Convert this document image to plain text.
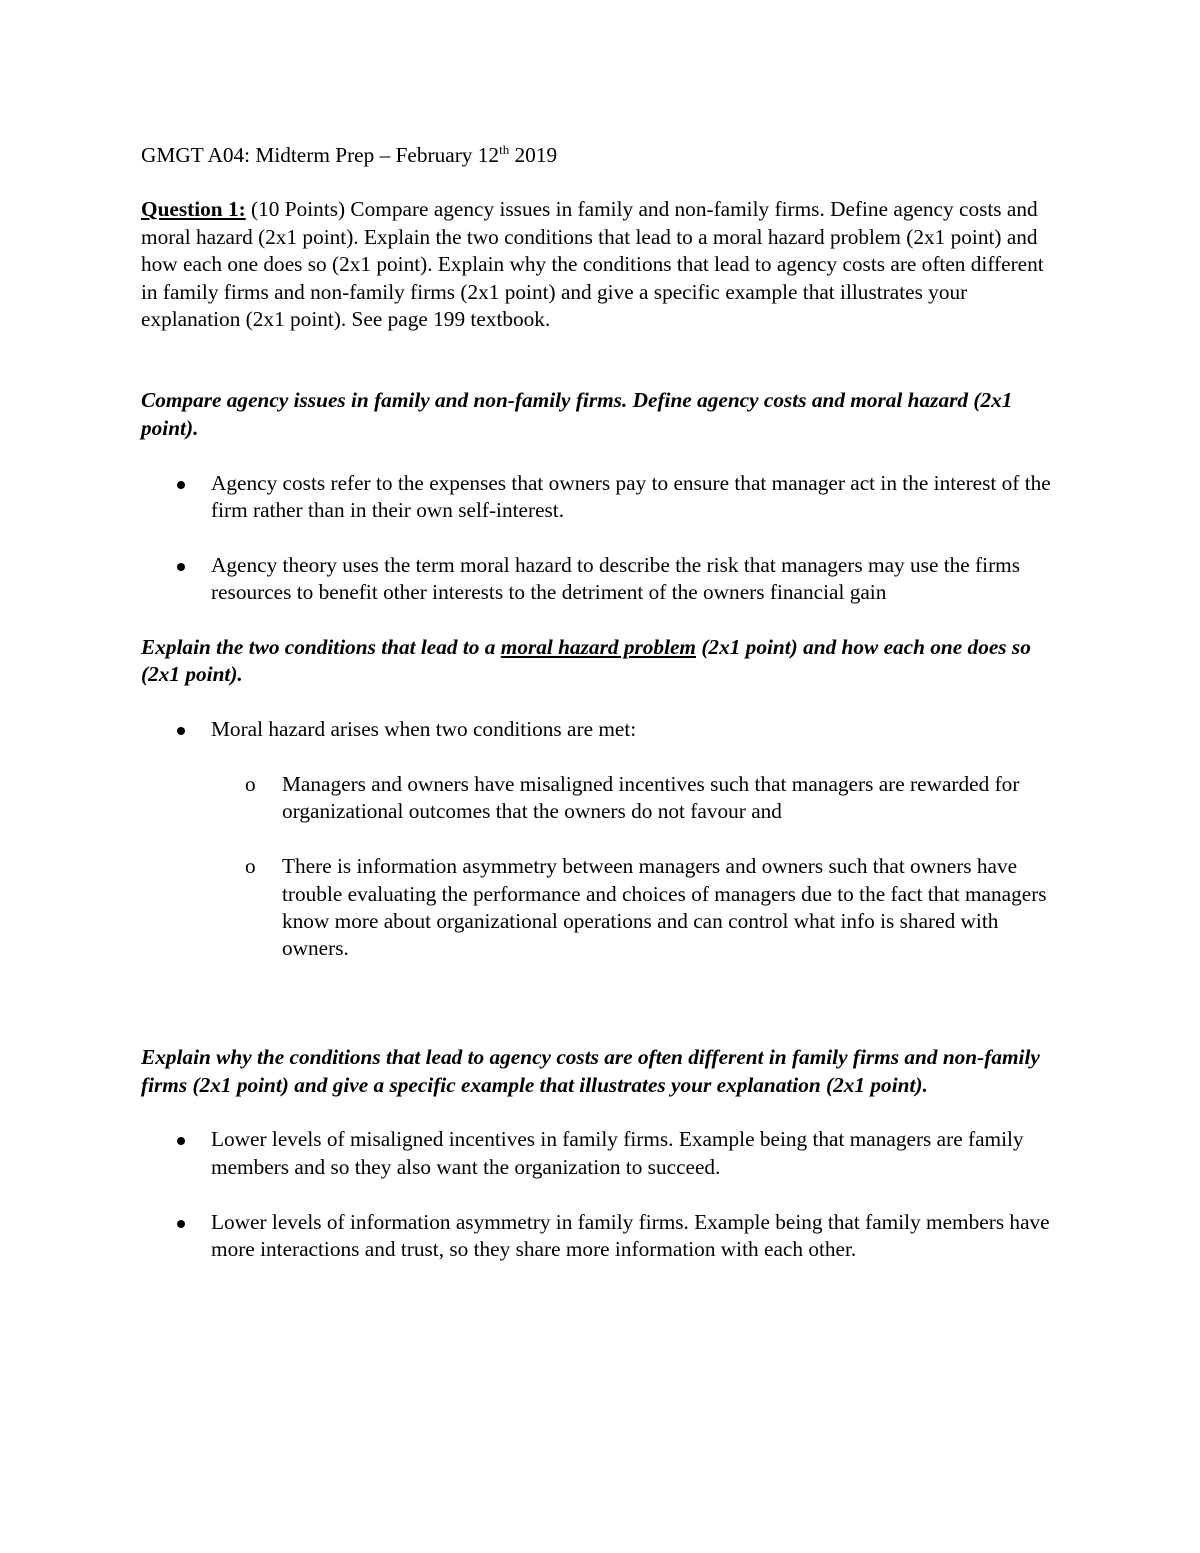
GMGT A04: Midterm Prep – February 12th 2019

Question 1: (10 Points) Compare agency issues in family and non-family firms. Define agency costs and moral hazard (2x1 point). Explain the two conditions that lead to a moral hazard problem (2x1 point) and how each one does so (2x1 point). Explain why the conditions that lead to agency costs are often different in family firms and non-family firms (2x1 point) and give a specific example that illustrates your explanation (2x1 point). See page 199 textbook.

Compare agency issues in family and non-family firms. Define agency costs and moral hazard (2x1 point).

Agency costs refer to the expenses that owners pay to ensure that manager act in the interest of the firm rather than in their own self-interest.
Agency theory uses the term moral hazard to describe the risk that managers may use the firms resources to benefit other interests to the detriment of the owners financial gain

Explain the two conditions that lead to a moral hazard problem (2x1 point) and how each one does so (2x1 point).

Moral hazard arises when two conditions are met:
o Managers and owners have misaligned incentives such that managers are rewarded for organizational outcomes that the owners do not favour and
o There is information asymmetry between managers and owners such that owners have trouble evaluating the performance and choices of managers due to the fact that managers know more about organizational operations and can control what info is shared with owners.

Explain why the conditions that lead to agency costs are often different in family firms and non-family firms (2x1 point) and give a specific example that illustrates your explanation (2x1 point).

Lower levels of misaligned incentives in family firms. Example being that managers are family members and so they also want the organization to succeed.
Lower levels of information asymmetry in family firms. Example being that family members have more interactions and trust, so they share more information with each other.
